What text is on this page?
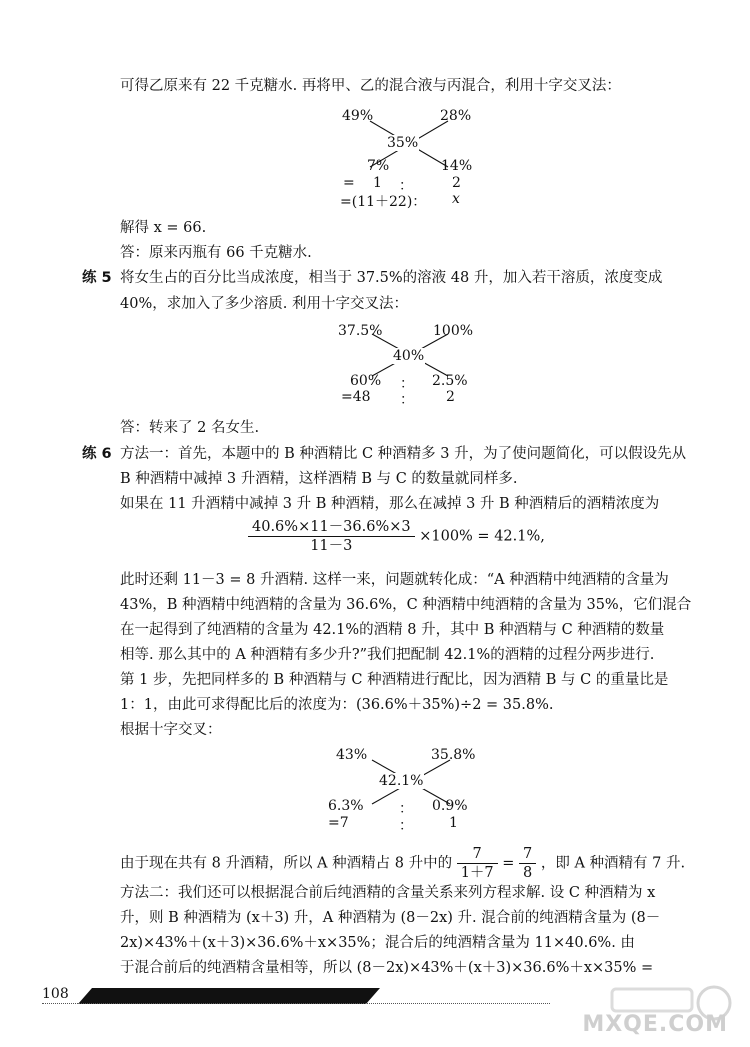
可得乙原来有 22 千克糖水. 再将甲、乙的混合液与丙混合，利用十字交叉法：
49%	28%
35%
7%	14%
= 1 ：	2
=(11＋22)： x
解得 x = 66.
答：原来丙瓶有 66 千克糖水.
练 5 将女生占的百分比当成浓度，相当于 37.5%的溶液 48 升，加入若干溶质，浓度变成
40%，求加入了多少溶质. 利用十字交叉法：
37.5%	100%
40%
60% ： 2.5%
=48 ： 2
答：转来了 2 名女生.
练 6 方法一：首先，本题中的 B 种酒精比 C 种酒精多 3 升，为了使问题简化，可以假设先从
B 种酒精中减掉 3 升酒精，这样酒精 B 与 C 的数量就同样多.
如果在 11 升酒精中减掉 3 升 B 种酒精，那么在减掉 3 升 B 种酒精后的酒精浓度为
$\frac{40.6\%\times 11-36.6\%\times 3}{11-3} \times 100\% = 42.1\%$,
此时还剩 11－3 = 8 升酒精. 这样一来，问题就转化成：“A 种酒精中纯酒精的含量为
43%，B 种酒精中纯酒精的含量为 36.6%，C 种酒精中纯酒精的含量为 35%，它们混合
在一起得到了纯酒精的含量为 42.1%的酒精 8 升，其中 B 种酒精与 C 种酒精的数量
相等. 那么其中的 A 种酒精有多少升?”我们把配制 42.1%的酒精的过程分两步进行.
第 1 步，先把同样多的 B 种酒精与 C 种酒精进行配比，因为酒精 B 与 C 的重量比是
1：1，由此可求得配比后的浓度为：(36.6%＋35%)÷2 = 35.8%.
根据十字交叉：
43%	35.8%
42.1%
6.3%	： 0.9%
=7	：	1
由于现在共有 8 升酒精，所以 A 种酒精占 8 升中的 $\frac{7}{1+7} = \frac{7}{8}$ ，即 A 种酒精有 7 升.
方法二：我们还可以根据混合前后纯酒精的含量关系来列方程求解. 设 C 种酒精为 x
升，则 B 种酒精为 (x＋3) 升，A 种酒精为 (8－2x) 升. 混合前的纯酒精含量为 (8－
2x)×43%＋(x＋3)×36.6%＋x×35%；混合后的纯酒精含量为 11×40.6%. 由
于混合前后的纯酒精含量相等，所以 (8－2x)×43%＋(x＋3)×36.6%＋x×35% =
108
MXQE.COM
